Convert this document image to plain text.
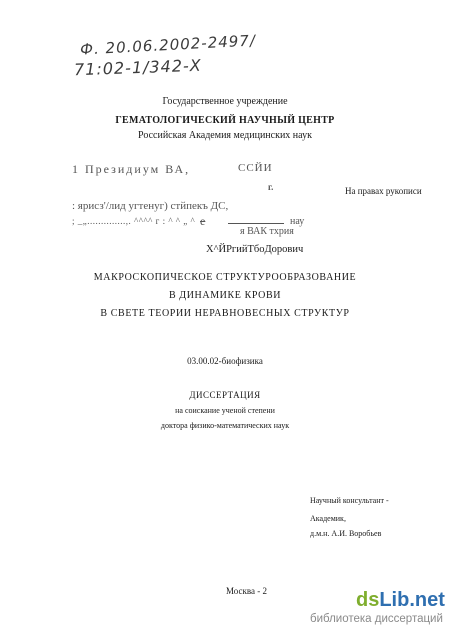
Ф. 20.06.2002-2497/
71:02-1/342-Х
Государственное учреждение
ГЕМАТОЛОГИЧЕСКИЙ НАУЧНЫЙ ЦЕНТР
Российская Академия медицинских наук
1 Президиум ВА,	ССЙИ
На правах рукописи
г.
: ярисз'/лид угтенуг) стйпекъ ДС,
; _„..............,. ^^^^ г : ^ ^ „ ^ е	нау
я ВАК тхрия
Х^ЙРгийТбоДорович
МАКРОСКОПИЧЕСКОЕ СТРУКТУРООБРАЗОВАНИЕ
В ДИНАМИКЕ КРОВИ
В СВЕТЕ ТЕОРИИ НЕРАВНОВЕСНЫХ СТРУКТУР
03.00.02-биофизика
ДИССЕРТАЦИЯ
на соискание ученой степени
доктора физико-математических наук
Научный консультант -
Академик,
д.м.н. А.И. Воробьев
Москва - 2	dsLib.net
библиотека диссертаций
